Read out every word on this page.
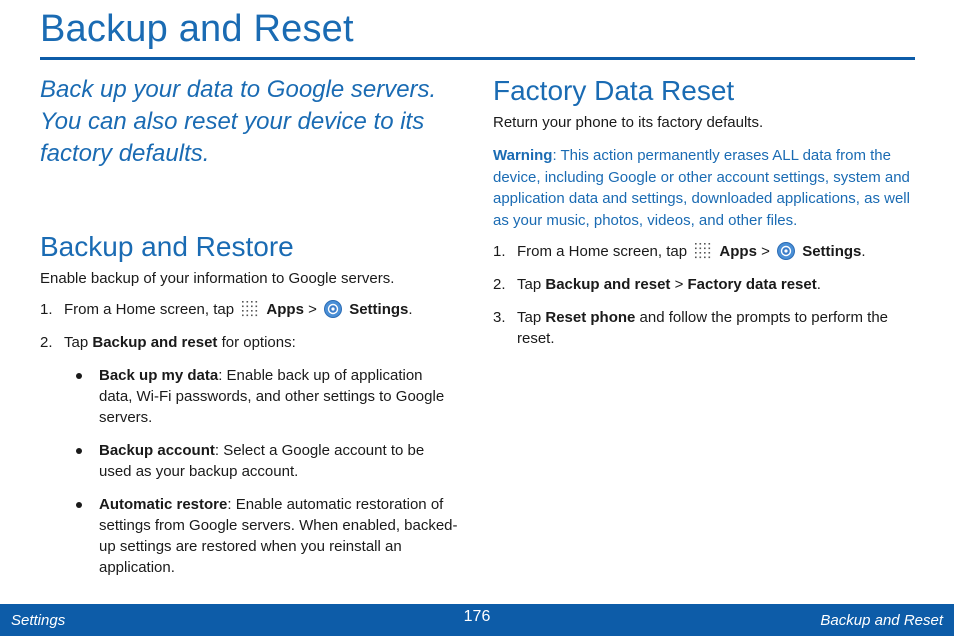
Backup and Reset

Back up your data to Google servers. You can also reset your device to its factory defaults.

Backup and Restore

Enable backup of your information to Google servers.

1. From a Home screen, tap Apps > Settings.
2. Tap Backup and reset for options:
Back up my data: Enable back up of application data, Wi-Fi passwords, and other settings to Google servers.
Backup account: Select a Google account to be used as your backup account.
Automatic restore: Enable automatic restoration of settings from Google servers. When enabled, backed-up settings are restored when you reinstall an application.
Factory Data Reset

Return your phone to its factory defaults.

Warning: This action permanently erases ALL data from the device, including Google or other account settings, system and application data and settings, downloaded applications, as well as your music, photos, videos, and other files.

1. From a Home screen, tap Apps > Settings.
2. Tap Backup and reset > Factory data reset.
3. Tap Reset phone and follow the prompts to perform the reset.
Settings	176	Backup and Reset
